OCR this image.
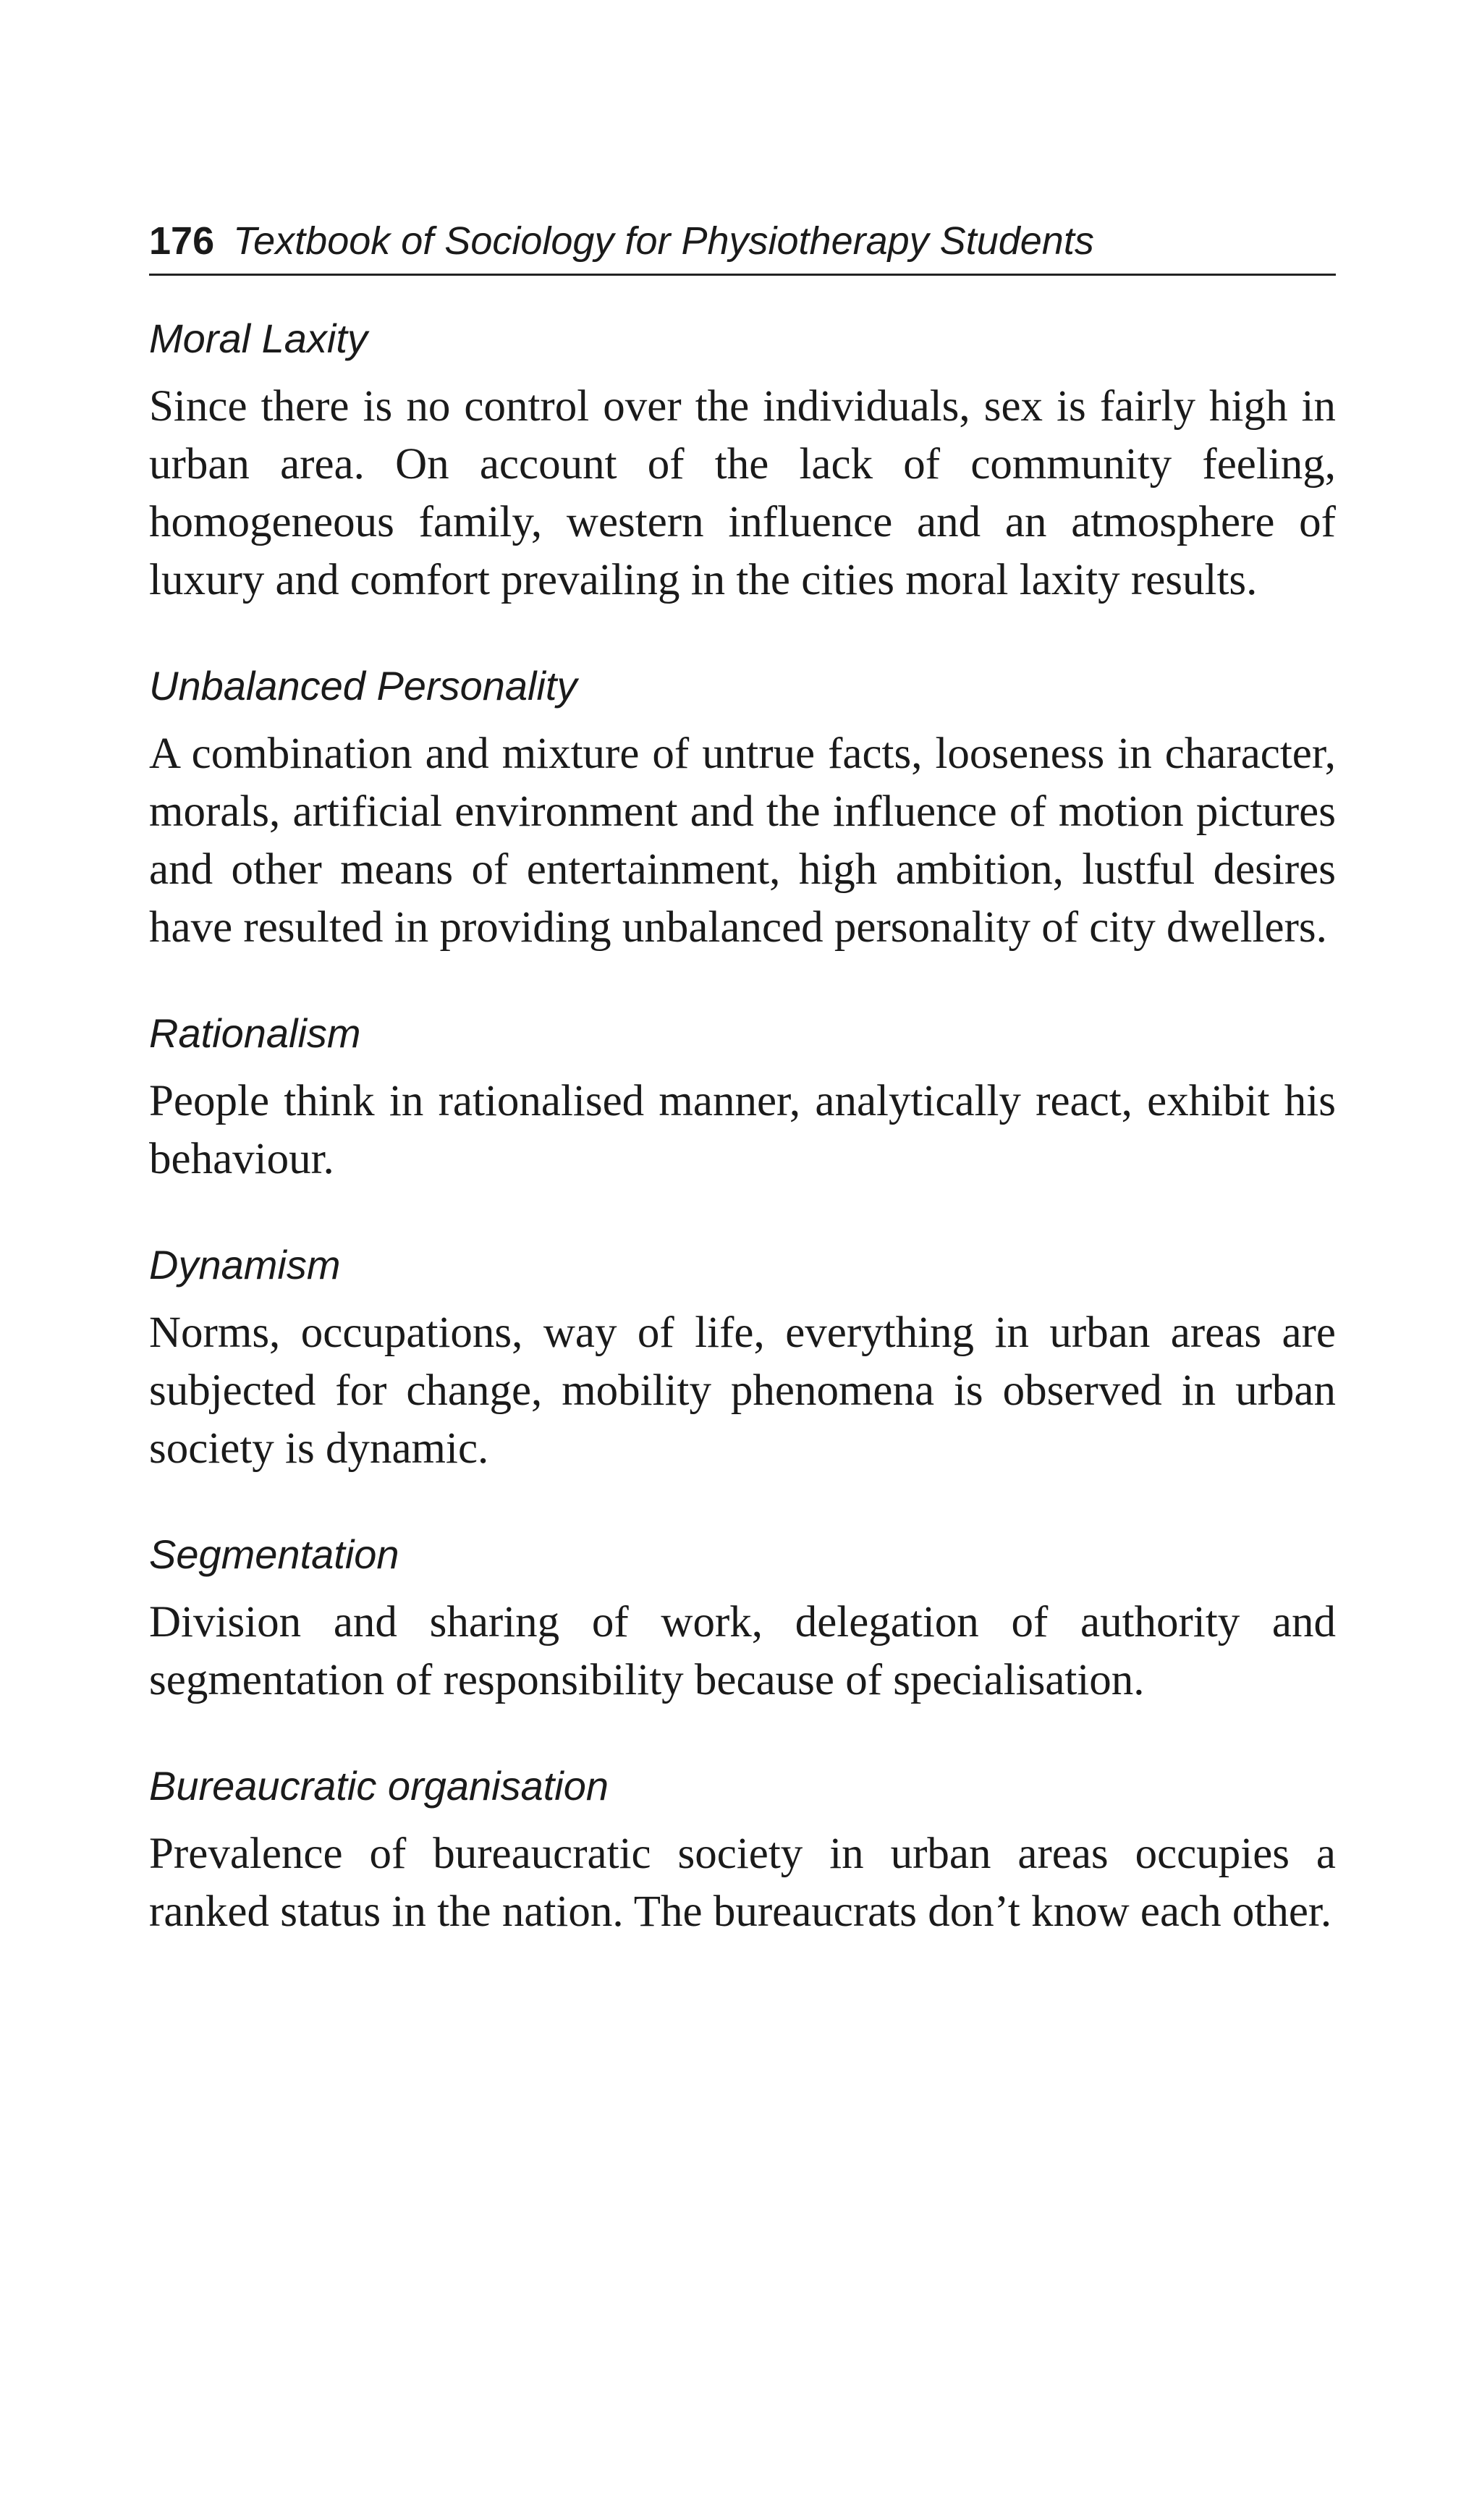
176 Textbook of Sociology for Physiotherapy Students
Moral Laxity

Since there is no control over the individuals, sex is fairly high in urban area. On account of the lack of community feeling, homogeneous family, western influence and an atmosphere of luxury and comfort prevailing in the cities moral laxity results.

Unbalanced Personality

A combination and mixture of untrue facts, looseness in character, morals, artificial environment and the influence of motion pictures and other means of entertainment, high ambition, lustful desires have resulted in providing unbalanced personality of city dwellers.

Rationalism

People think in rationalised manner, analytically react, exhibit his behaviour.

Dynamism

Norms, occupations, way of life, everything in urban areas are subjected for change, mobility phenomena is observed in urban society is dynamic.

Segmentation

Division and sharing of work, delegation of authority and segmentation of responsibility because of specialisation.

Bureaucratic organisation

Prevalence of bureaucratic society in urban areas occupies a ranked status in the nation. The bureaucrats don’t know each other.
